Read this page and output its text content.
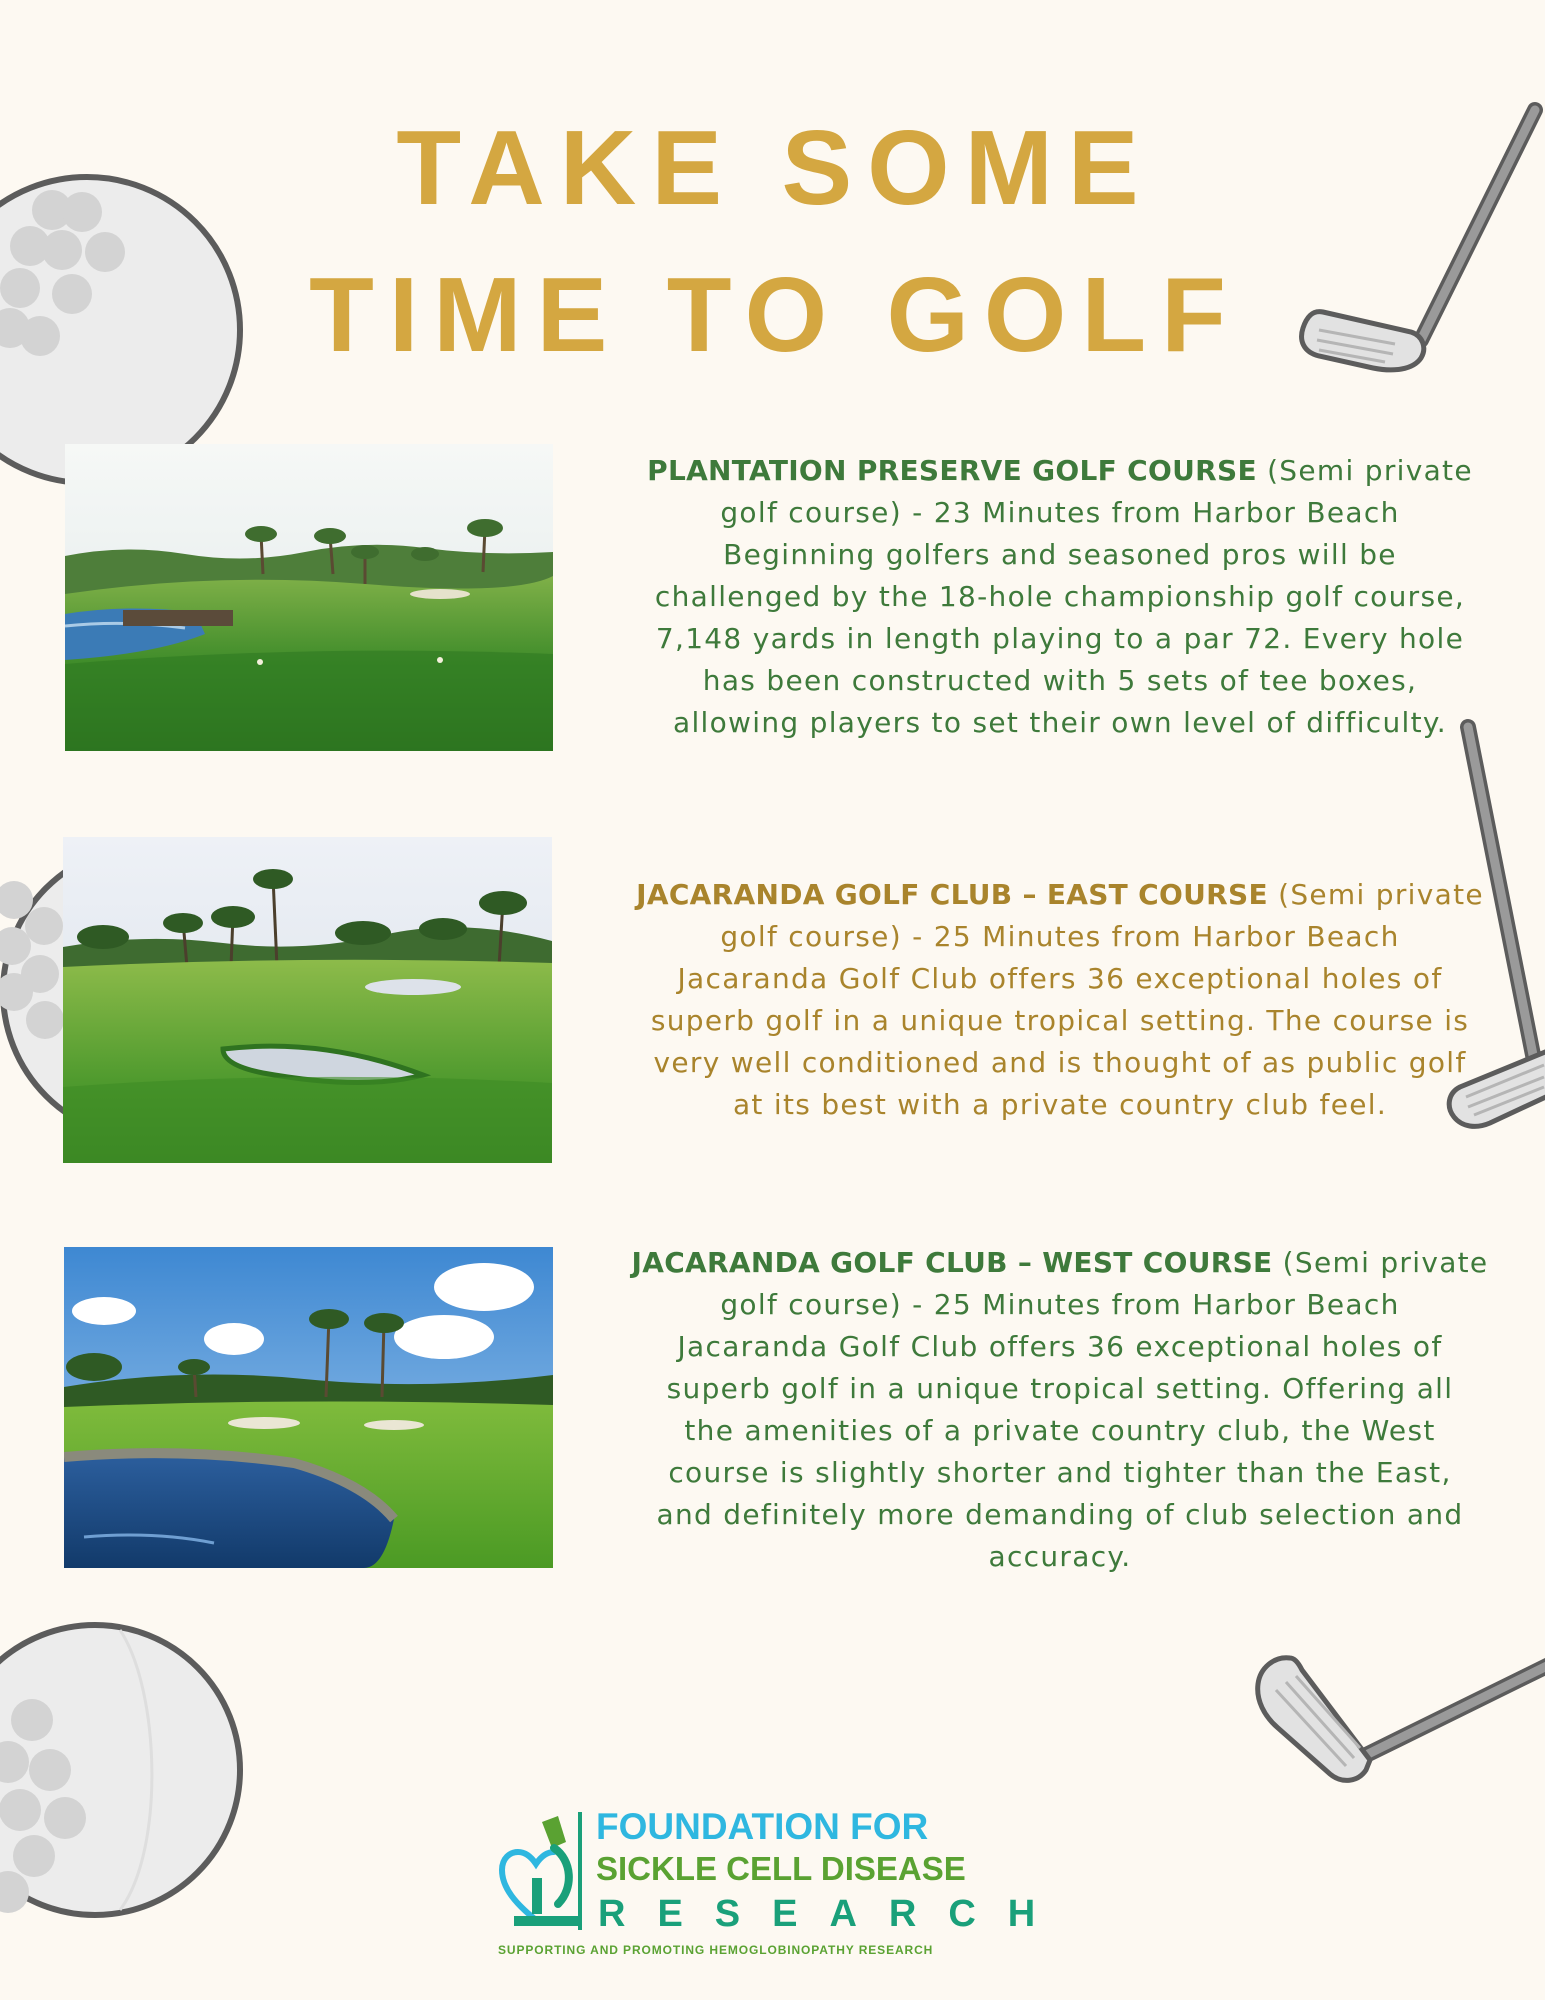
TAKE SOME
TIME TO GOLF
PLANTATION PRESERVE GOLF COURSE (Semi private
golf course) - 23 Minutes from Harbor Beach
Beginning golfers and seasoned pros will be
challenged by the 18-hole championship golf course,
7,148 yards in length playing to a par 72. Every hole
has been constructed with 5 sets of tee boxes,
allowing players to set their own level of difficulty.
JACARANDA GOLF CLUB – EAST COURSE (Semi private
golf course) - 25 Minutes from Harbor Beach
Jacaranda Golf Club offers 36 exceptional holes of
superb golf in a unique tropical setting. The course is
very well conditioned and is thought of as public golf
at its best with a private country club feel.
JACARANDA GOLF CLUB – WEST COURSE (Semi private
golf course) - 25 Minutes from Harbor Beach
Jacaranda Golf Club offers 36 exceptional holes of
superb golf in a unique tropical setting. Offering all
the amenities of a private country club, the West
course is slightly shorter and tighter than the East,
and definitely more demanding of club selection and
accuracy.
FOUNDATION FOR
SICKLE CELL DISEASE
RESEARCH
SUPPORTING AND PROMOTING HEMOGLOBINOPATHY RESEARCH
